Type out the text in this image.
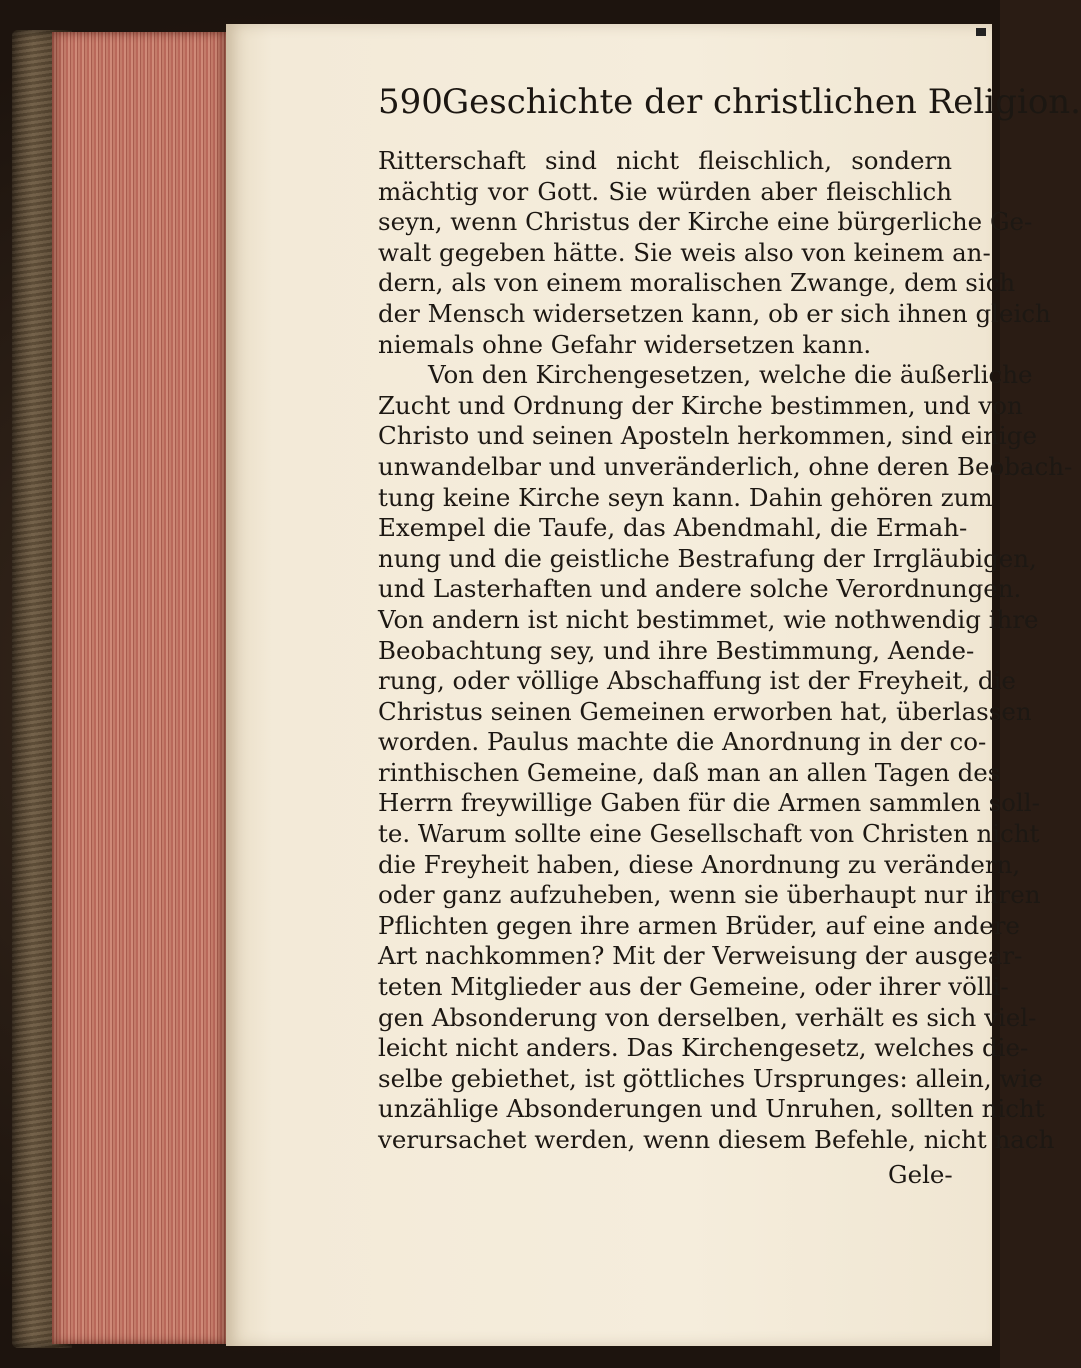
590Geschichte der christlichen Religion.
Ritterschaft sind nicht fleischlich, sondern
mächtig vor Gott. Sie würden aber fleischlich
seyn, wenn Christus der Kirche eine bürgerliche Ge-
walt gegeben hätte. Sie weis also von keinem an-
dern, als von einem moralischen Zwange, dem sich
der Mensch widersetzen kann, ob er sich ihnen gleich
niemals ohne Gefahr widersetzen kann.
Von den Kirchengesetzen, welche die äußerliche
Zucht und Ordnung der Kirche bestimmen, und von
Christo und seinen Aposteln herkommen, sind einige
unwandelbar und unveränderlich, ohne deren Beobach-
tung keine Kirche seyn kann. Dahin gehören zum
Exempel die Taufe, das Abendmahl, die Ermah-
nung und die geistliche Bestrafung der Irrgläubigen,
und Lasterhaften und andere solche Verordnungen.
Von andern ist nicht bestimmet, wie nothwendig ihre
Beobachtung sey, und ihre Bestimmung, Aende-
rung, oder völlige Abschaffung ist der Freyheit, die
Christus seinen Gemeinen erworben hat, überlassen
worden. Paulus machte die Anordnung in der co-
rinthischen Gemeine, daß man an allen Tagen des
Herrn freywillige Gaben für die Armen sammlen soll-
te. Warum sollte eine Gesellschaft von Christen nicht
die Freyheit haben, diese Anordnung zu verändern,
oder ganz aufzuheben, wenn sie überhaupt nur ihren
Pflichten gegen ihre armen Brüder, auf eine andere
Art nachkommen? Mit der Verweisung der ausgear-
teten Mitglieder aus der Gemeine, oder ihrer völli-
gen Absonderung von derselben, verhält es sich viel-
leicht nicht anders. Das Kirchengesetz, welches die-
selbe gebiethet, ist göttliches Ursprunges: allein, wie
unzählige Absonderungen und Unruhen, sollten nicht
verursachet werden, wenn diesem Befehle, nicht nach
Gele-
